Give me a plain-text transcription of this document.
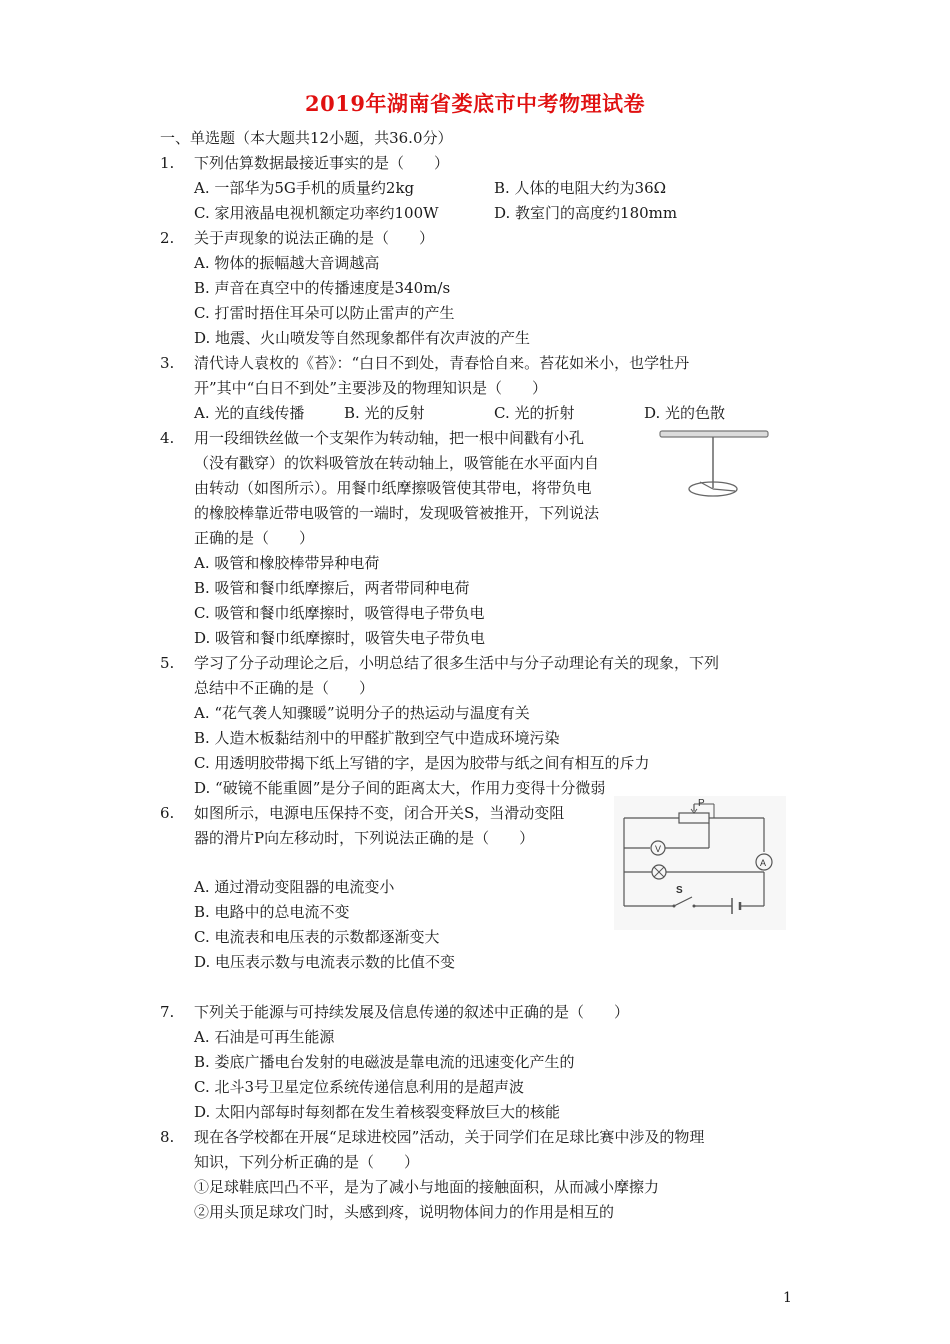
2019年湖南省娄底市中考物理试卷
一、单选题（本大题共12小题，共36.0分）
1. 下列估算数据最接近事实的是（　　）
A. 一部华为5G手机的质量约2kg	B. 人体的电阻大约为36Ω
C. 家用液晶电视机额定功率约100W	D. 教室门的高度约180mm
2. 关于声现象的说法正确的是（　　）
A. 物体的振幅越大音调越高
B. 声音在真空中的传播速度是340m/s
C. 打雷时捂住耳朵可以防止雷声的产生
D. 地震、火山喷发等自然现象都伴有次声波的产生
3. 清代诗人袁枚的《苔》：“白日不到处，青春恰自来。苔花如米小，也学牡丹
开”其中“白日不到处”主要涉及的物理知识是（　　）
A. 光的直线传播	B. 光的反射	C. 光的折射	D. 光的色散
4. 用一段细铁丝做一个支架作为转动轴，把一根中间戳有小孔
（没有戳穿）的饮料吸管放在转动轴上，吸管能在水平面内自
由转动（如图所示）。用餐巾纸摩擦吸管使其带电，将带负电
的橡胶棒靠近带电吸管的一端时，发现吸管被推开，下列说法
正确的是（　　）
A. 吸管和橡胶棒带异种电荷
B. 吸管和餐巾纸摩擦后，两者带同种电荷
C. 吸管和餐巾纸摩擦时，吸管得电子带负电
D. 吸管和餐巾纸摩擦时，吸管失电子带负电
5. 学习了分子动理论之后，小明总结了很多生活中与分子动理论有关的现象，下列
总结中不正确的是（　　）
A. “花气袭人知骤暖”说明分子的热运动与温度有关
B. 人造木板黏结剂中的甲醛扩散到空气中造成环境污染
C. 用透明胶带揭下纸上写错的字，是因为胶带与纸之间有相互的斥力
D. “破镜不能重圆”是分子间的距离太大，作用力变得十分微弱
6. 如图所示，电源电压保持不变，闭合开关S，当滑动变阻
器的滑片P向左移动时，下列说法正确的是（　　）
A. 通过滑动变阻器的电流变小
B. 电路中的总电流不变
C. 电流表和电压表的示数都逐渐变大
D. 电压表示数与电流表示数的比值不变
P
V
A
S
7. 下列关于能源与可持续发展及信息传递的叙述中正确的是（　　）
A. 石油是可再生能源
B. 娄底广播电台发射的电磁波是靠电流的迅速变化产生的
C. 北斗3号卫星定位系统传递信息利用的是超声波
D. 太阳内部每时每刻都在发生着核裂变释放巨大的核能
8. 现在各学校都在开展“足球进校园”活动，关于同学们在足球比赛中涉及的物理
知识，下列分析正确的是（　　）
①足球鞋底凹凸不平，是为了减小与地面的接触面积，从而减小摩擦力
②用头顶足球攻门时，头感到疼，说明物体间力的作用是相互的
1
